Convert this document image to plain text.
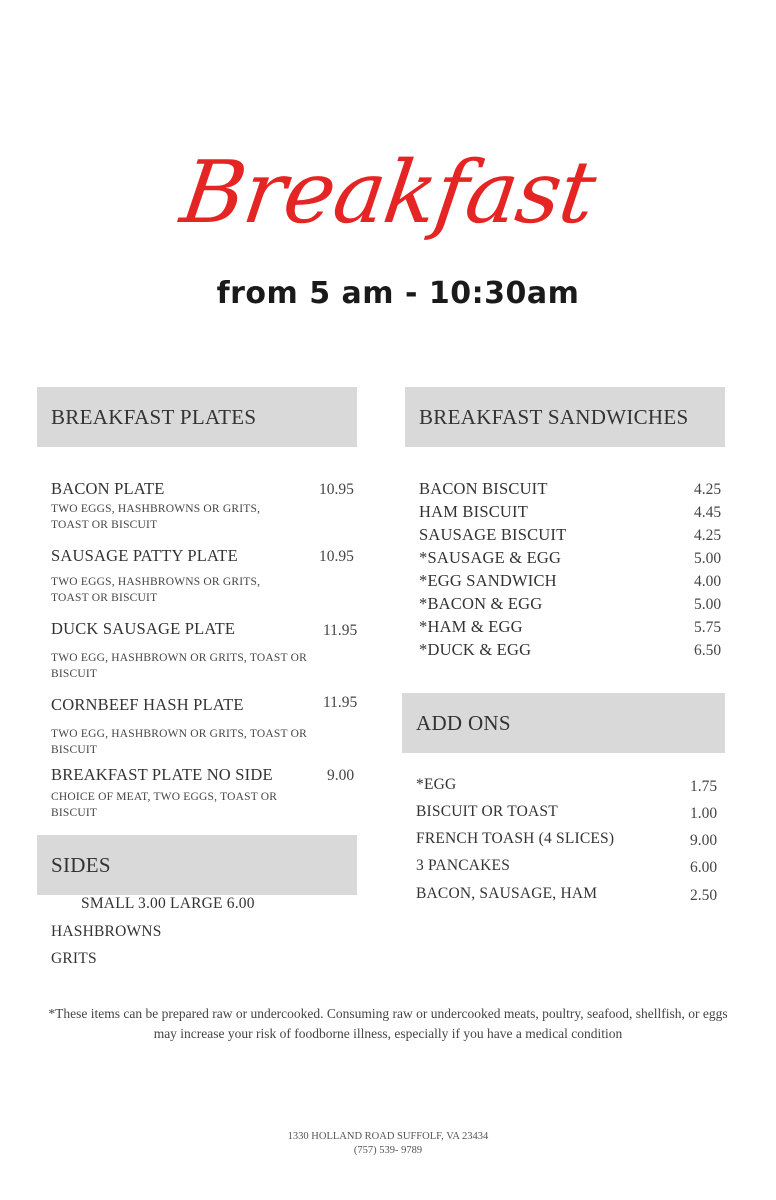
Breakfast
from 5 am - 10:30am
BREAKFAST PLATES
BACON PLATE	10.95
TWO EGGS, HASHBROWNS OR GRITS, TOAST OR BISCUIT
SAUSAGE PATTY PLATE	10.95
TWO EGGS, HASHBROWNS OR GRITS, TOAST OR BISCUIT
DUCK SAUSAGE PLATE	11.95
TWO EGG, HASHBROWN OR GRITS, TOAST OR BISCUIT
CORNBEEF HASH PLATE	11.95
TWO EGG, HASHBROWN OR GRITS, TOAST OR BISCUIT
BREAKFAST PLATE NO SIDE	9.00
CHOICE OF MEAT, TWO EGGS, TOAST OR BISCUIT
SIDES
SMALL 3.00 LARGE 6.00
HASHBROWNS
GRITS
BREAKFAST SANDWICHES
BACON BISCUIT	4.25
HAM BISCUIT	4.45
SAUSAGE BISCUIT	4.25
*SAUSAGE & EGG	5.00
*EGG SANDWICH	4.00
*BACON & EGG	5.00
*HAM & EGG	5.75
*DUCK & EGG	6.50
ADD ONS
*EGG	1.75
BISCUIT OR TOAST	1.00
FRENCH TOASH (4 SLICES)	9.00
3 PANCAKES	6.00
BACON, SAUSAGE, HAM	2.50
*These items can be prepared raw or undercooked. Consuming raw or undercooked meats, poultry, seafood, shellfish, or eggs may increase your risk of foodborne illness, especially if you have a medical condition
1330 HOLLAND ROAD SUFFOLF, VA 23434
(757) 539- 9789
